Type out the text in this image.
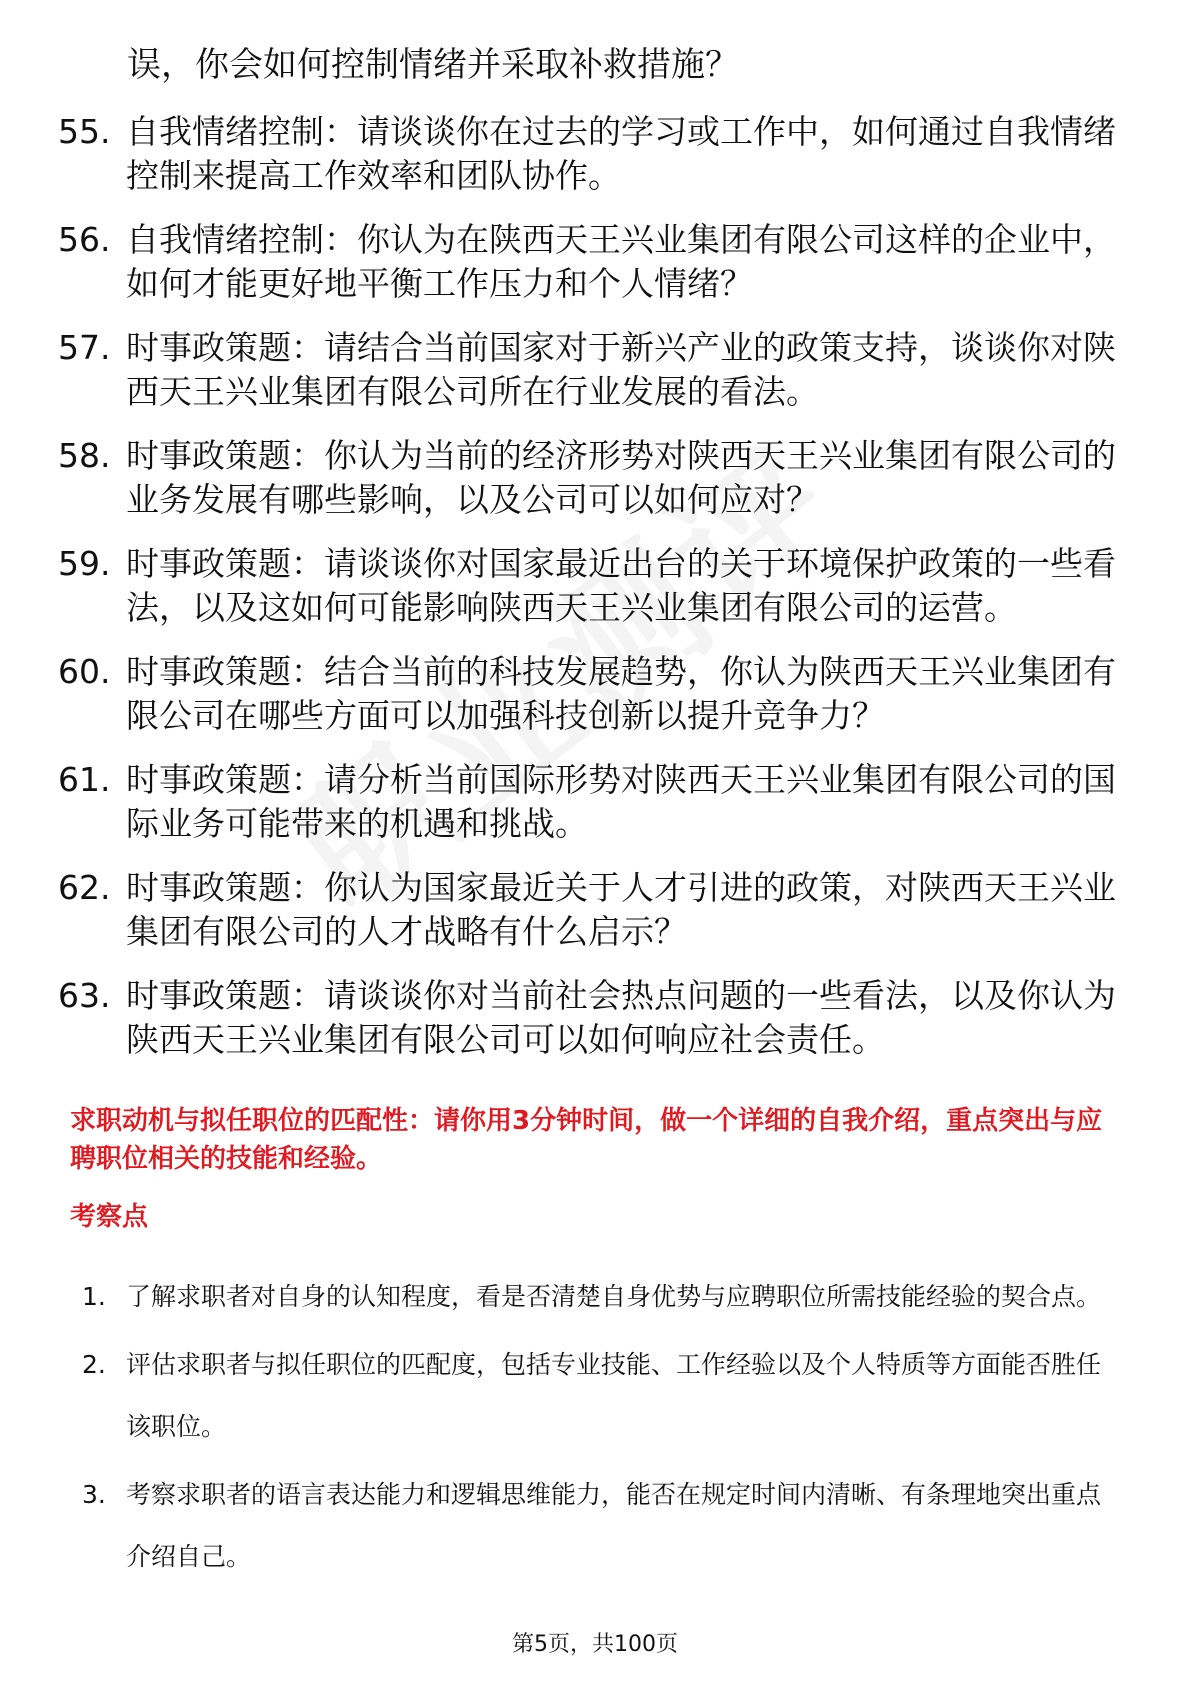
误，你会如何控制情绪并采取补救措施？
55. 自我情绪控制：请谈谈你在过去的学习或工作中，如何通过自我情绪控制来提高工作效率和团队协作。
56. 自我情绪控制：你认为在陕西天王兴业集团有限公司这样的企业中，如何才能更好地平衡工作压力和个人情绪？
57. 时事政策题：请结合当前国家对于新兴产业的政策支持，谈谈你对陕西天王兴业集团有限公司所在行业发展的看法。
58. 时事政策题：你认为当前的经济形势对陕西天王兴业集团有限公司的业务发展有哪些影响，以及公司可以如何应对？
59. 时事政策题：请谈谈你对国家最近出台的关于环境保护政策的一些看法，以及这如何可能影响陕西天王兴业集团有限公司的运营。
60. 时事政策题：结合当前的科技发展趋势，你认为陕西天王兴业集团有限公司在哪些方面可以加强科技创新以提升竞争力？
61. 时事政策题：请分析当前国际形势对陕西天王兴业集团有限公司的国际业务可能带来的机遇和挑战。
62. 时事政策题：你认为国家最近关于人才引进的政策，对陕西天王兴业集团有限公司的人才战略有什么启示？
63. 时事政策题：请谈谈你对当前社会热点问题的一些看法，以及你认为陕西天王兴业集团有限公司可以如何响应社会责任。
求职动机与拟任职位的匹配性：请你用3分钟时间，做一个详细的自我介绍，重点突出与应聘职位相关的技能和经验。
考察点
1. 了解求职者对自身的认知程度，看是否清楚自身优势与应聘职位所需技能经验的契合点。
2. 评估求职者与拟任职位的匹配度，包括专业技能、工作经验以及个人特质等方面能否胜任该职位。
3. 考察求职者的语言表达能力和逻辑思维能力，能否在规定时间内清晰、有条理地突出重点介绍自己。
第5页，共100页
